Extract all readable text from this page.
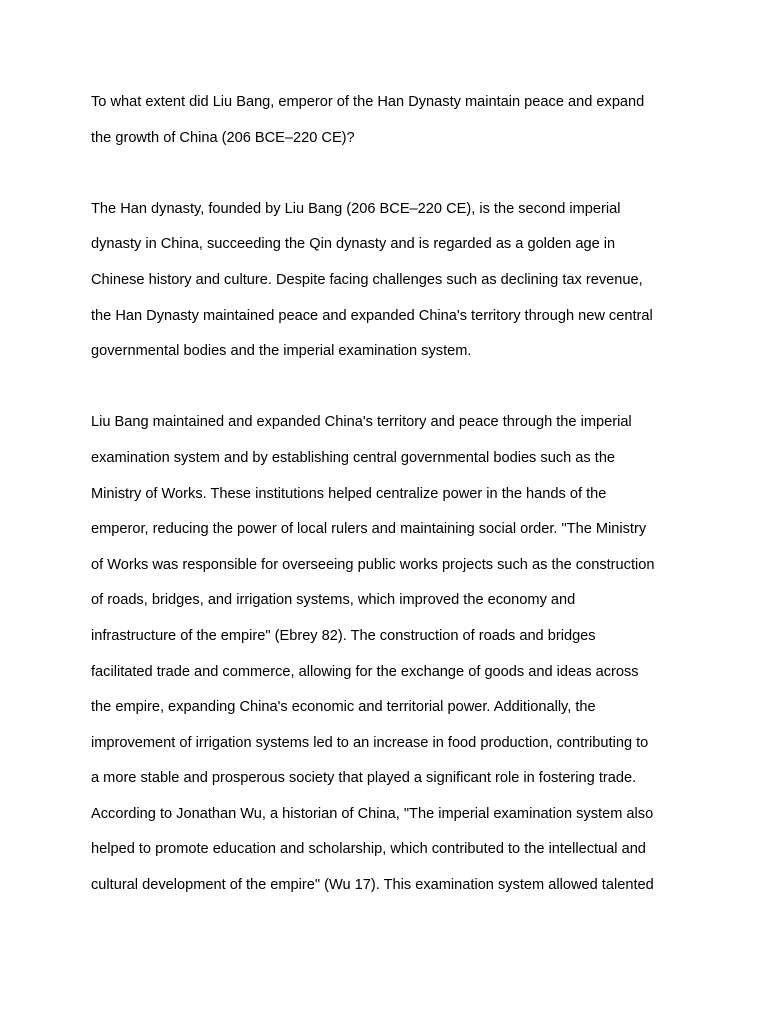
To what extent did Liu Bang, emperor of the Han Dynasty maintain peace and expand
the growth of China (206 BCE–220 CE)?
The Han dynasty, founded by Liu Bang (206 BCE–220 CE), is the second imperial
dynasty in China, succeeding the Qin dynasty and is regarded as a golden age in
Chinese history and culture. Despite facing challenges such as declining tax revenue,
the Han Dynasty maintained peace and expanded China's territory through new central
governmental bodies and the imperial examination system.
Liu Bang maintained and expanded China's territory and peace through the imperial
examination system and by establishing central governmental bodies such as the
Ministry of Works. These institutions helped centralize power in the hands of the
emperor, reducing the power of local rulers and maintaining social order. "The Ministry
of Works was responsible for overseeing public works projects such as the construction
of roads, bridges, and irrigation systems, which improved the economy and
infrastructure of the empire" (Ebrey 82). The construction of roads and bridges
facilitated trade and commerce, allowing for the exchange of goods and ideas across
the empire, expanding China's economic and territorial power. Additionally, the
improvement of irrigation systems led to an increase in food production, contributing to
a more stable and prosperous society that played a significant role in fostering trade.
According to Jonathan Wu, a historian of China, "The imperial examination system also
helped to promote education and scholarship, which contributed to the intellectual and
cultural development of the empire" (Wu 17). This examination system allowed talented
